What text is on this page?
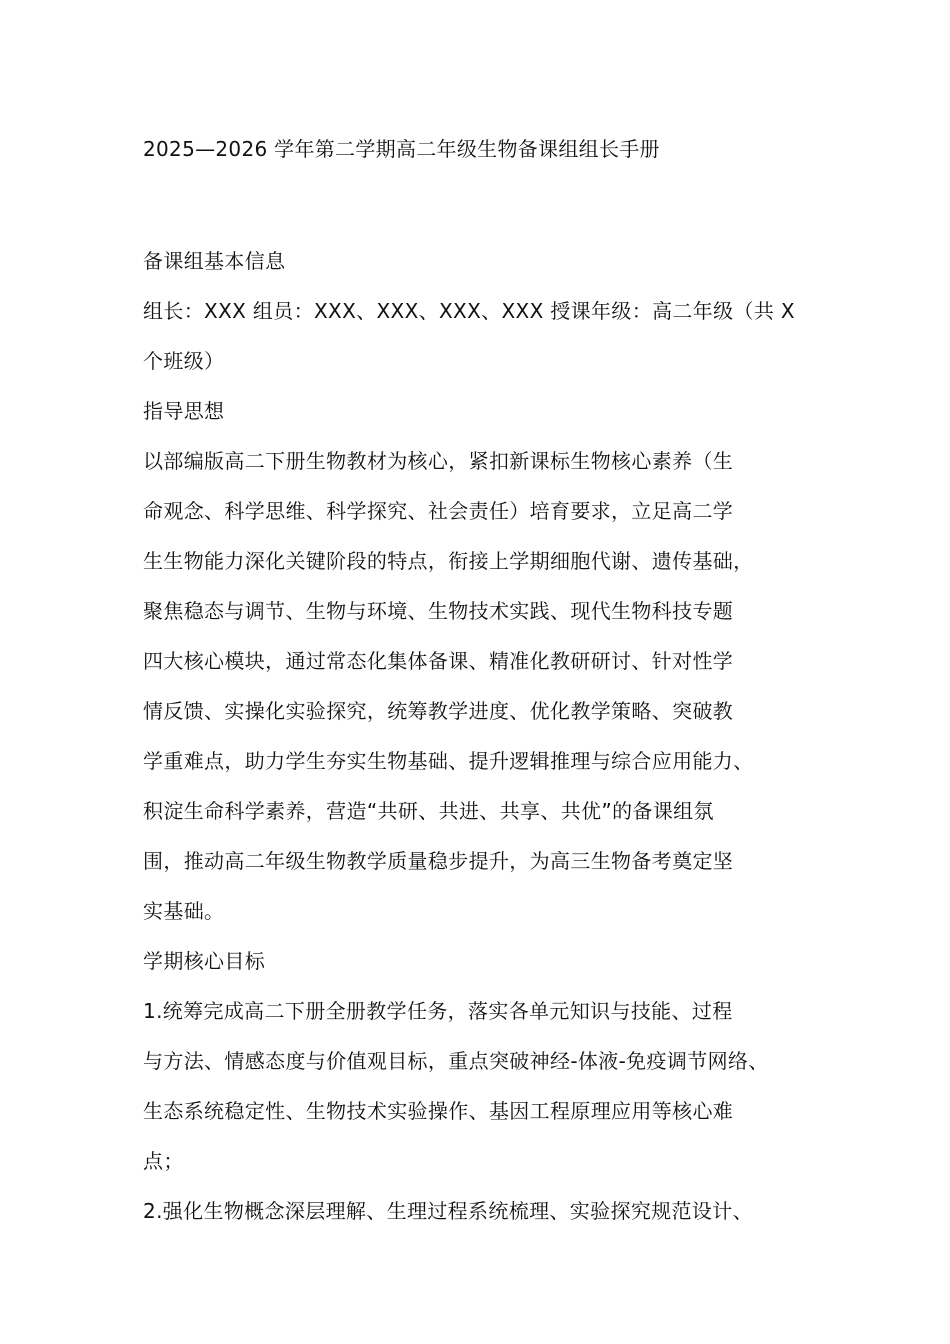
2025—2026 学年第二学期高二年级生物备课组组长手册
备课组基本信息
组长：XXX 组员：XXX、XXX、XXX、XXX 授课年级：高二年级（共 X
个班级）
指导思想
以部编版高二下册生物教材为核心，紧扣新课标生物核心素养（生
命观念、科学思维、科学探究、社会责任）培育要求，立足高二学
生生物能力深化关键阶段的特点，衔接上学期细胞代谢、遗传基础，
聚焦稳态与调节、生物与环境、生物技术实践、现代生物科技专题
四大核心模块，通过常态化集体备课、精准化教研研讨、针对性学
情反馈、实操化实验探究，统筹教学进度、优化教学策略、突破教
学重难点，助力学生夯实生物基础、提升逻辑推理与综合应用能力、
积淀生命科学素养，营造“共研、共进、共享、共优”的备课组氛
围，推动高二年级生物教学质量稳步提升，为高三生物备考奠定坚
实基础。
学期核心目标
1.统筹完成高二下册全册教学任务，落实各单元知识与技能、过程
与方法、情感态度与价值观目标，重点突破神经-体液-免疫调节网络、
生态系统稳定性、生物技术实验操作、基因工程原理应用等核心难
点；
2.强化生物概念深层理解、生理过程系统梳理、实验探究规范设计、
